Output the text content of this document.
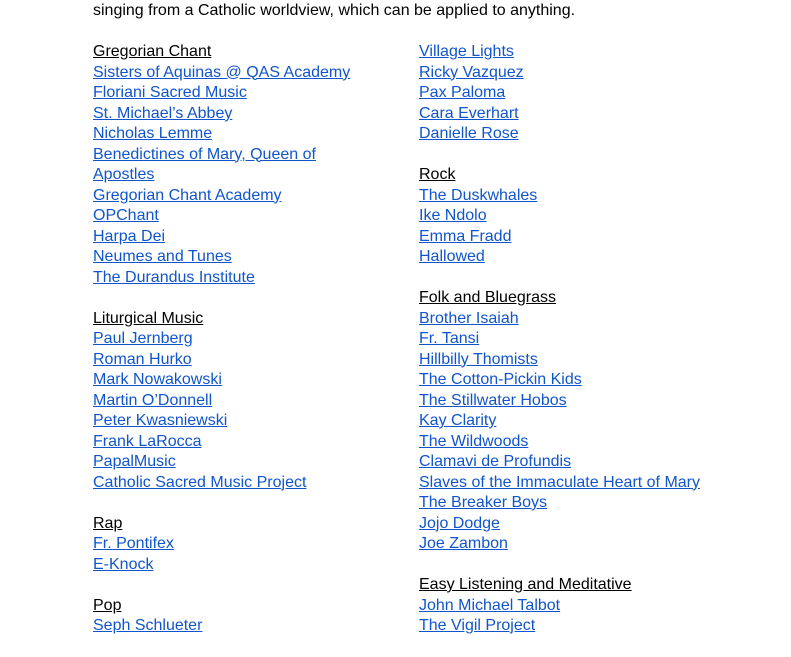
singing from a Catholic worldview, which can be applied to anything.

Gregorian Chant
Sisters of Aquinas @ QAS Academy
Floriani Sacred Music
St. Michael’s Abbey
Nicholas Lemme
Benedictines of Mary, Queen of Apostles
Gregorian Chant Academy
OPChant
Harpa Dei
Neumes and Tunes
The Durandus Institute
Liturgical Music
Paul Jernberg
Roman Hurko
Mark Nowakowski
Martin O’Donnell
Peter Kwasniewski
Frank LaRocca
PapalMusic
Catholic Sacred Music Project
Rap
Fr. Pontifex
E-Knock
Pop
Seph Schlueter
Village Lights
Ricky Vazquez
Pax Paloma
Cara Everhart
Danielle Rose
Rock
The Duskwhales
Ike Ndolo
Emma Fradd
Hallowed
Folk and Bluegrass
Brother Isaiah
Fr. Tansi
Hillbilly Thomists
The Cotton-Pickin Kids
The Stillwater Hobos
Kay Clarity
The Wildwoods
Clamavi de Profundis
Slaves of the Immaculate Heart of Mary
The Breaker Boys
Jojo Dodge
Joe Zambon
Easy Listening and Meditative
John Michael Talbot
The Vigil Project
